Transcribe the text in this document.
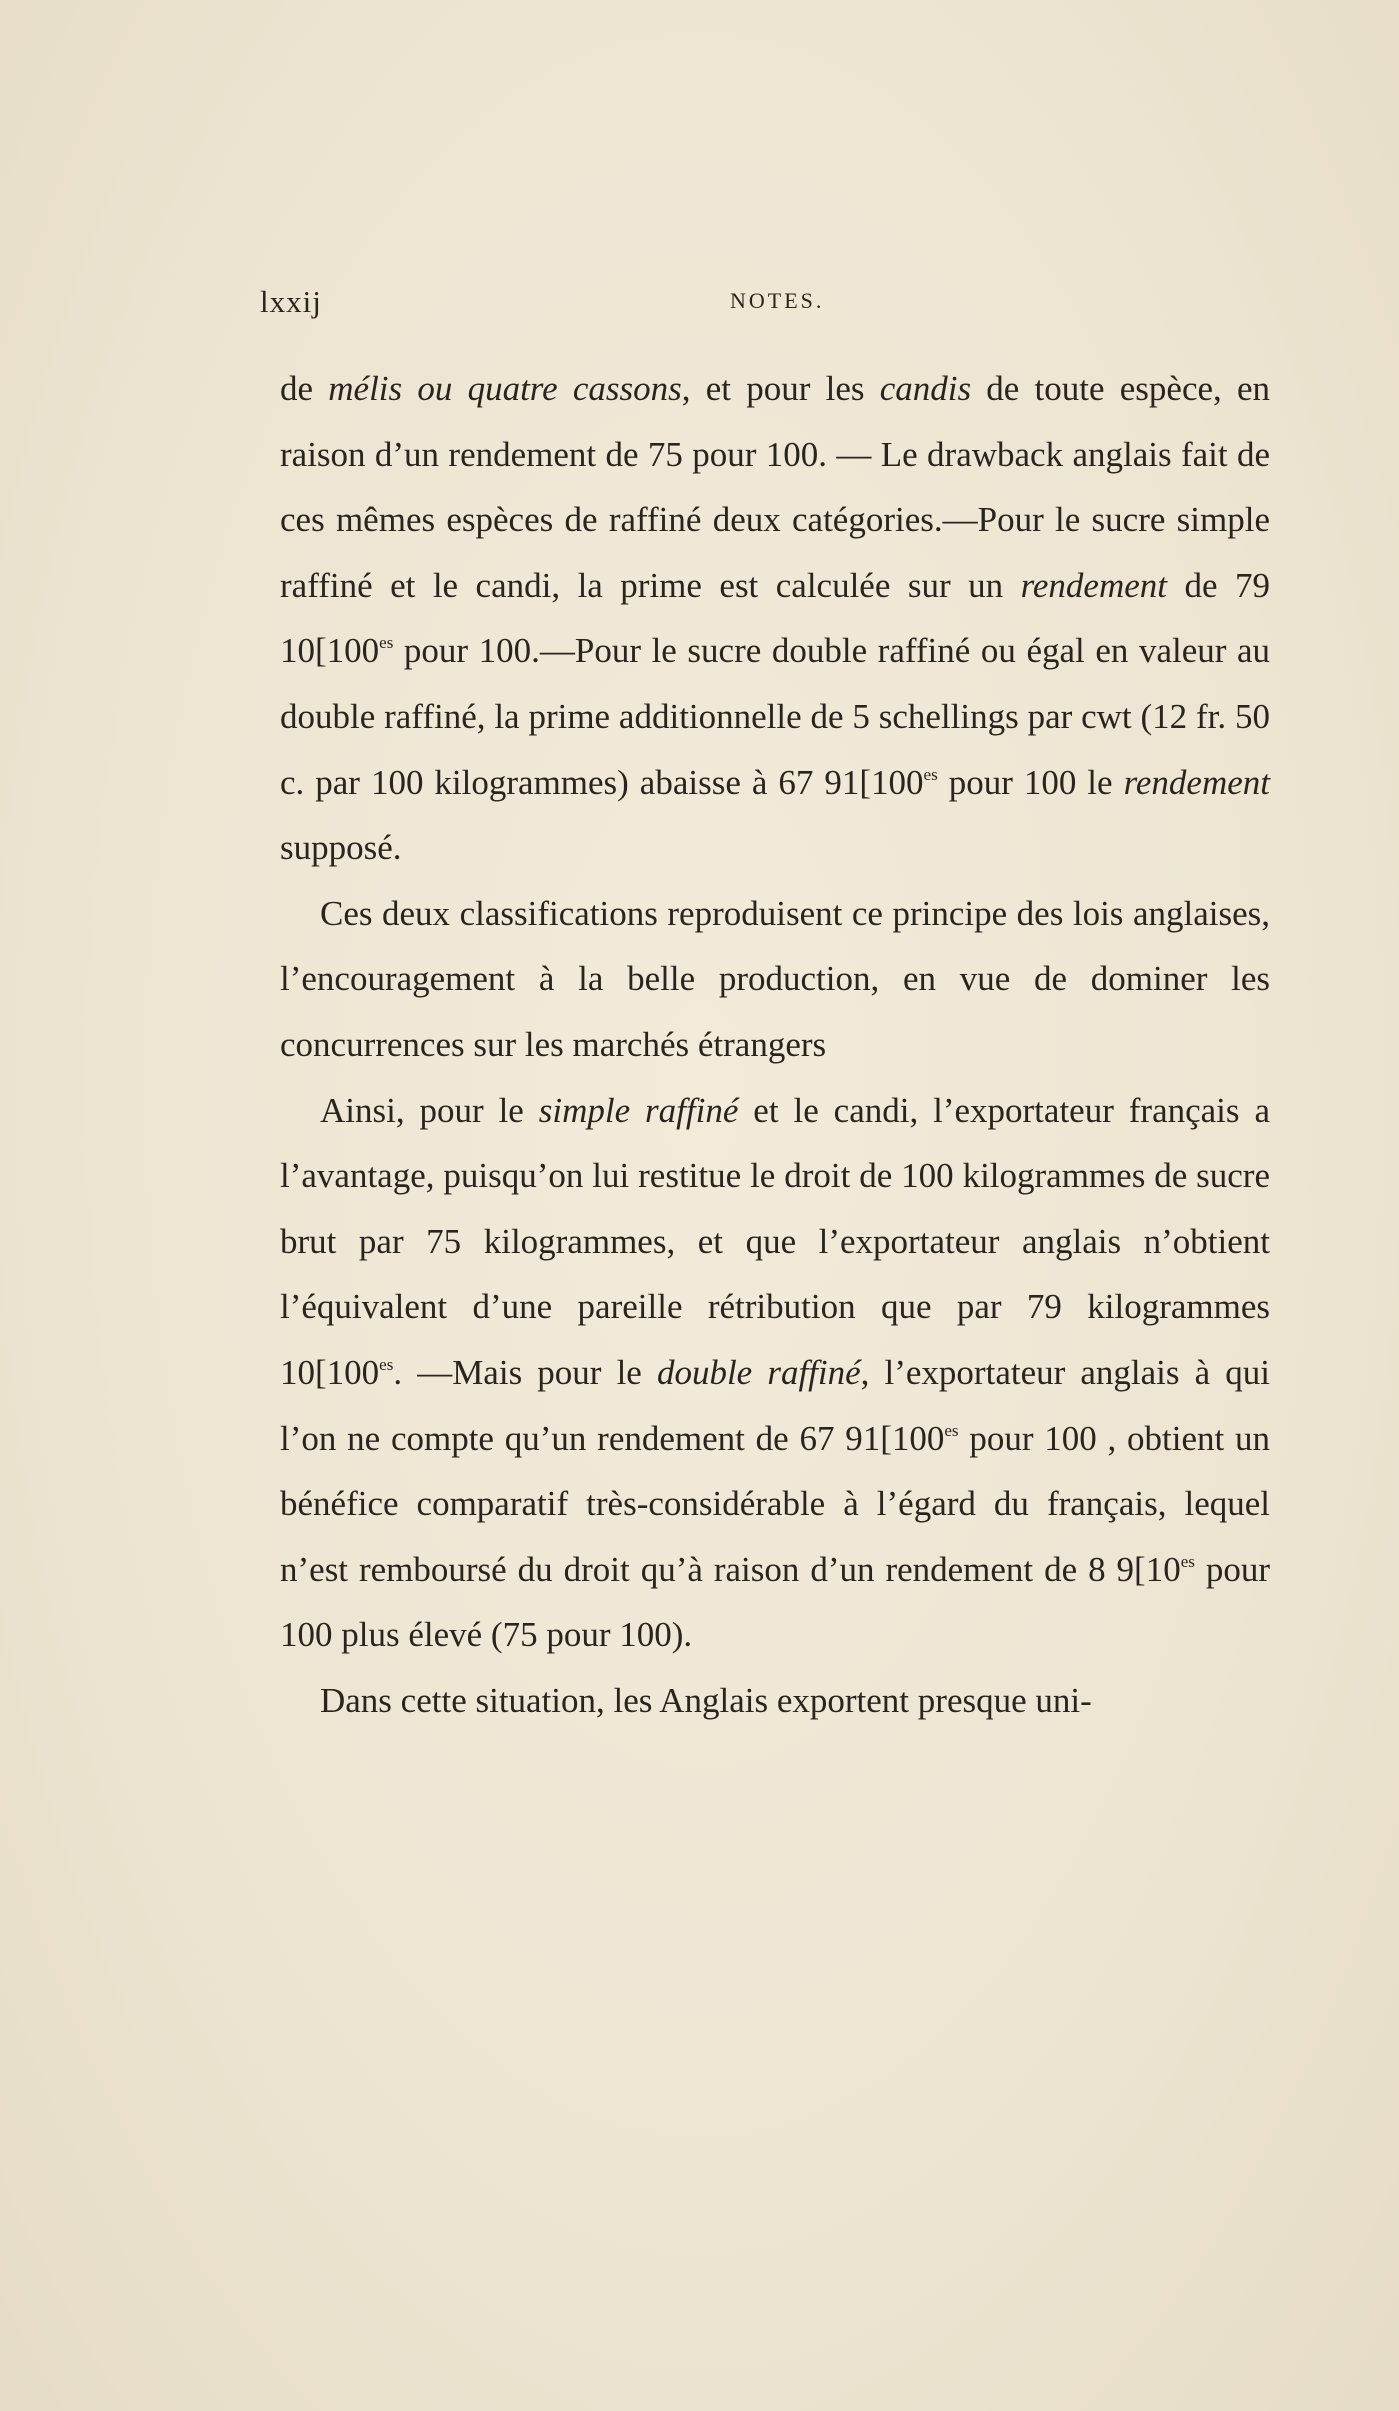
lxxij	NOTES.

de mélis ou quatre cassons, et pour les candis de toute espèce, en raison d’un rendement de 75 pour 100. — Le drawback anglais fait de ces mêmes espèces de raffiné deux catégories.—Pour le sucre simple raffiné et le candi, la prime est calculée sur un rendement de 79 $10[100^{es}$ pour 100.—Pour le sucre double raffiné ou égal en valeur au double raffiné, la prime additionnelle de 5 schellings par cwt (12 fr. 50 c. par 100 kilogrammes) abaisse à 67 $91[100^{es}$ pour 100 le rendement supposé.

Ces deux classifications reproduisent ce principe des lois anglaises, l’encouragement à la belle production, en vue de dominer les concurrences sur les marchés étrangers

Ainsi, pour le simple raffiné et le candi, l’exportateur français a l’avantage, puisqu’on lui restitue le droit de 100 kilogrammes de sucre brut par 75 kilogrammes, et que l’exportateur anglais n’obtient l’équivalent d’une pareille rétribution que par 79 kilogrammes $10[100^{es}$. —Mais pour le double raffiné, l’exportateur anglais à qui l’on ne compte qu’un rendement de 67 $91[100^{es}$ pour 100 , obtient un bénéfice comparatif très-considérable à l’égard du français, lequel n’est remboursé du droit qu’à raison d’un rendement de 8 $9[10^{es}$ pour 100 plus élevé (75 pour 100).

Dans cette situation, les Anglais exportent presque uni-
